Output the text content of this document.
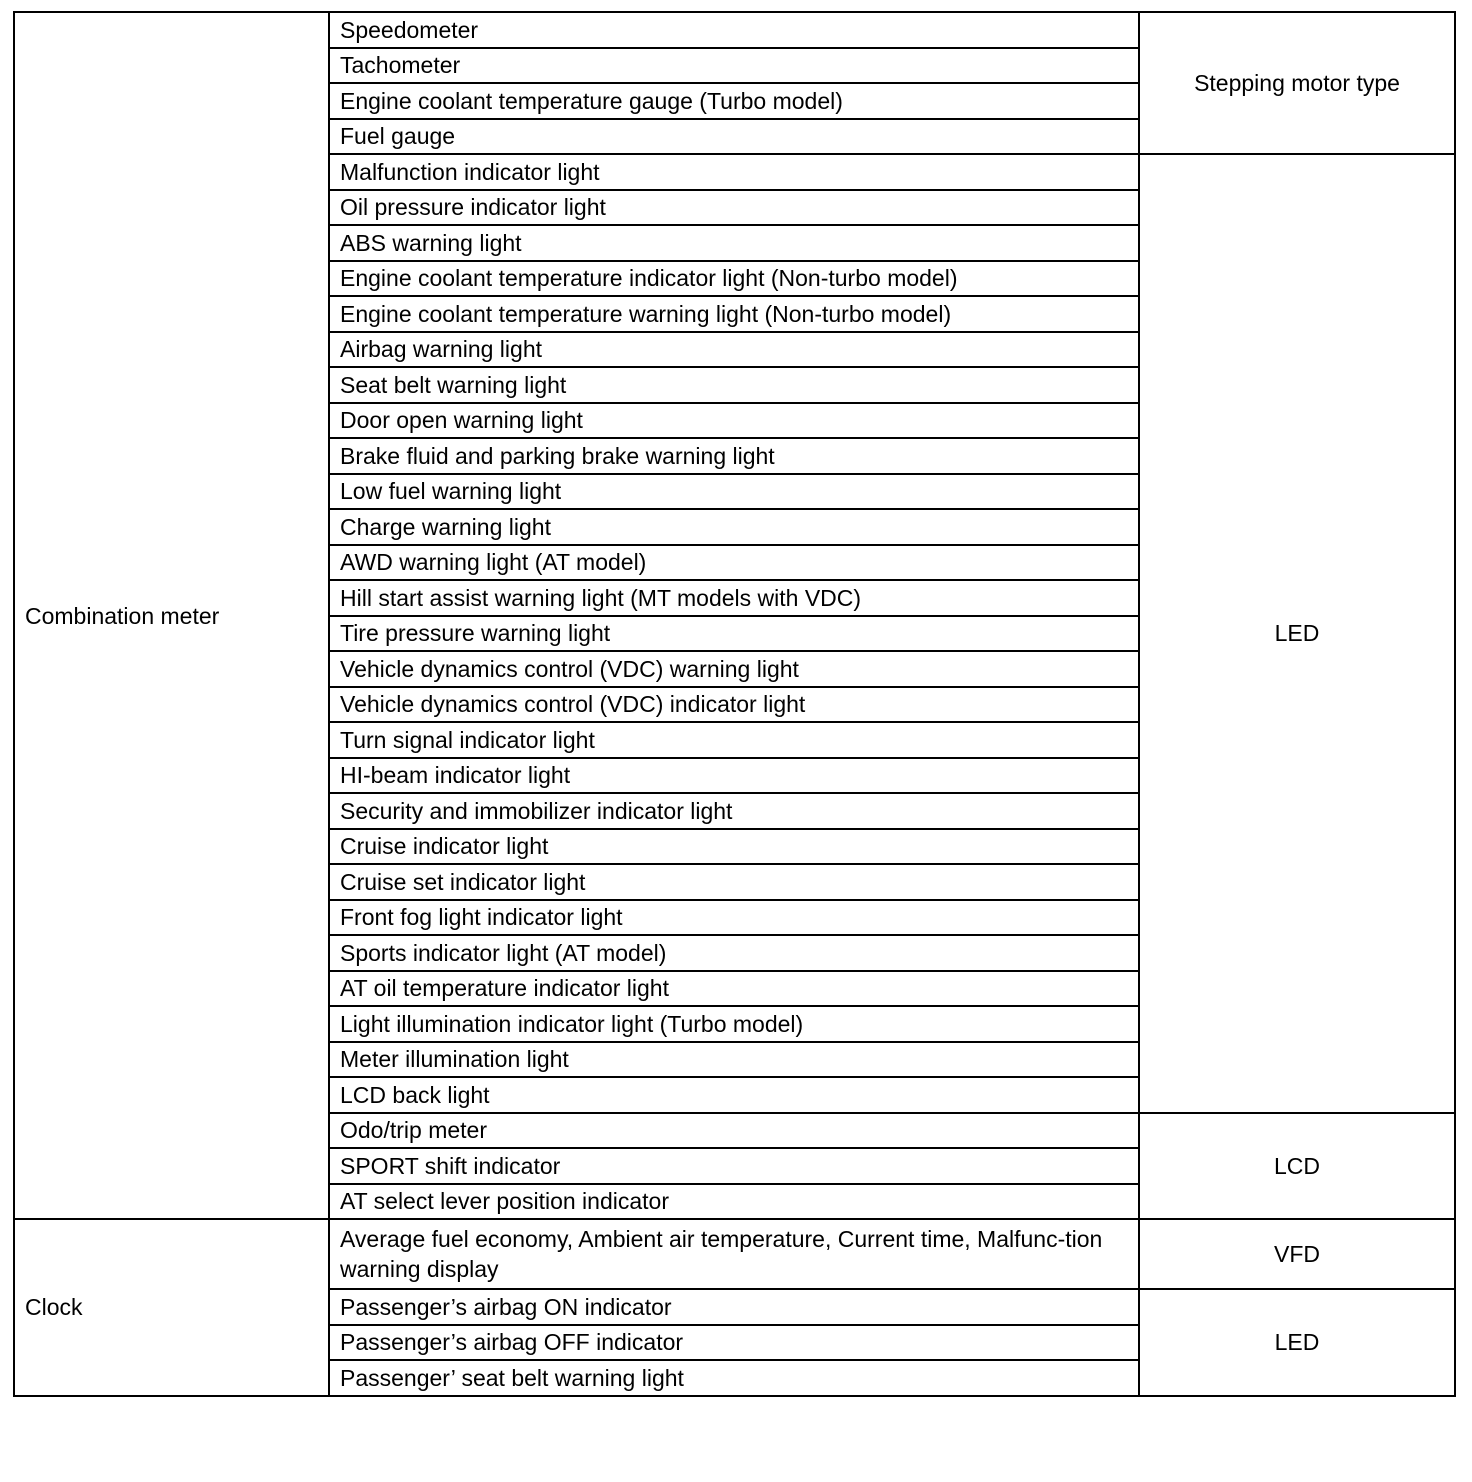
Combination meter	Speedometer	Stepping motor type
	Tachometer	
	Engine coolant temperature gauge (Turbo model)	
	Fuel gauge	
	Malfunction indicator light	LED
	Oil pressure indicator light	
	ABS warning light	
	Engine coolant temperature indicator light (Non-turbo model)	
	Engine coolant temperature warning light (Non-turbo model)	
	Airbag warning light	
	Seat belt warning light	
	Door open warning light	
	Brake fluid and parking brake warning light	
	Low fuel warning light	
	Charge warning light	
	AWD warning light (AT model)	
	Hill start assist warning light (MT models with VDC)	
	Tire pressure warning light	
	Vehicle dynamics control (VDC) warning light	
	Vehicle dynamics control (VDC) indicator light	
	Turn signal indicator light	
	HI-beam indicator light	
	Security and immobilizer indicator light	
	Cruise indicator light	
	Cruise set indicator light	
	Front fog light indicator light	
	Sports indicator light (AT model)	
	AT oil temperature indicator light	
	Light illumination indicator light (Turbo model)	
	Meter illumination light	
	LCD back light	
	Odo/trip meter	LCD
	SPORT shift indicator	
	AT select lever position indicator	
Clock	Average fuel economy, Ambient air temperature, Current time, Malfunc-tion warning display	VFD
	Passenger’s airbag ON indicator	LED
	Passenger’s airbag OFF indicator	
	Passenger’ seat belt warning light	
